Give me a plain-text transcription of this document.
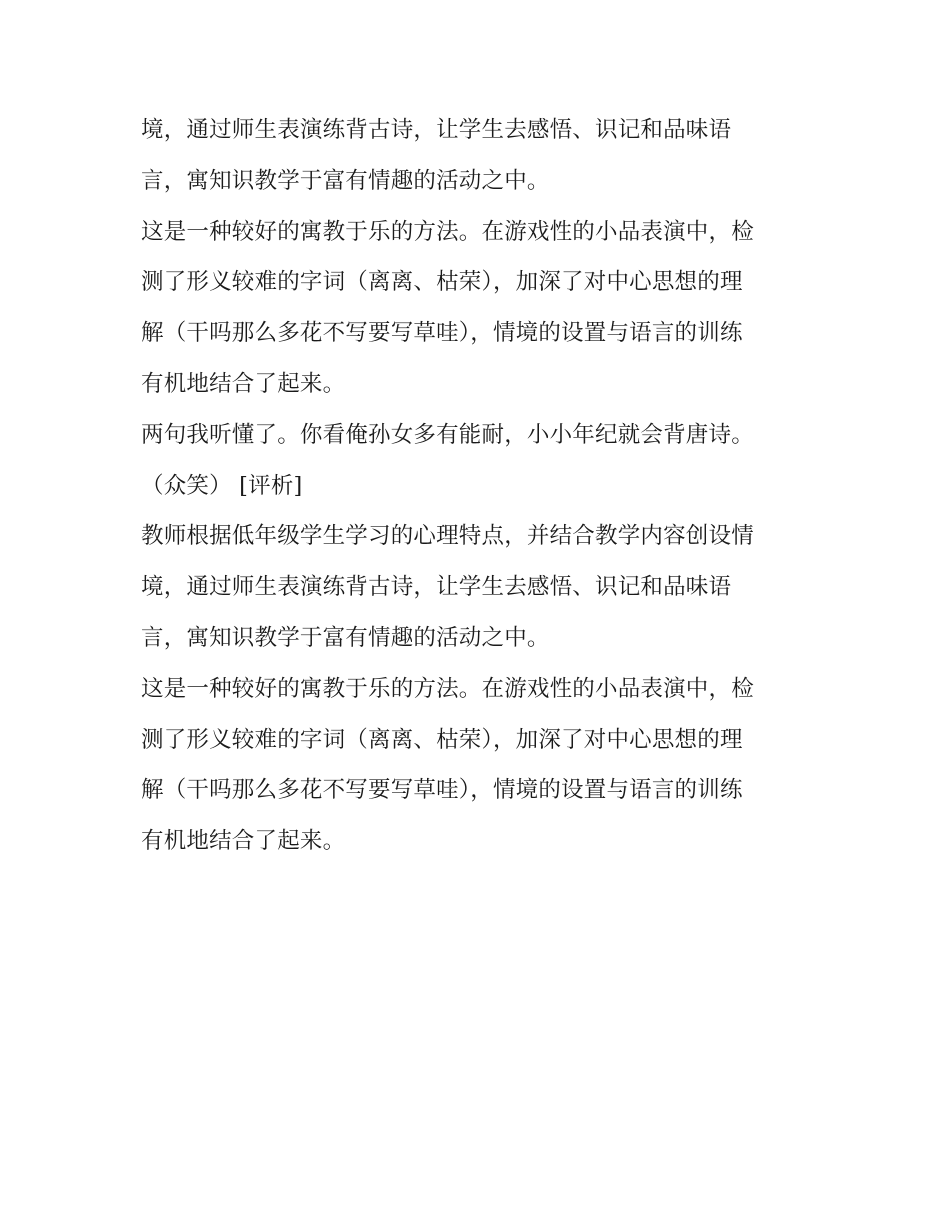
境，通过师生表演练背古诗，让学生去感悟、识记和品味语
言，寓知识教学于富有情趣的活动之中。
这是一种较好的寓教于乐的方法。在游戏性的小品表演中，检
测了形义较难的字词（离离、枯荣），加深了对中心思想的理
解（干吗那么多花不写要写草哇），情境的设置与语言的训练
有机地结合了起来。
两句我听懂了。你看俺孙女多有能耐，小小年纪就会背唐诗。
（众笑） [评析]
教师根据低年级学生学习的心理特点，并结合教学内容创设情
境，通过师生表演练背古诗，让学生去感悟、识记和品味语
言，寓知识教学于富有情趣的活动之中。
这是一种较好的寓教于乐的方法。在游戏性的小品表演中，检
测了形义较难的字词（离离、枯荣），加深了对中心思想的理
解（干吗那么多花不写要写草哇），情境的设置与语言的训练
有机地结合了起来。
